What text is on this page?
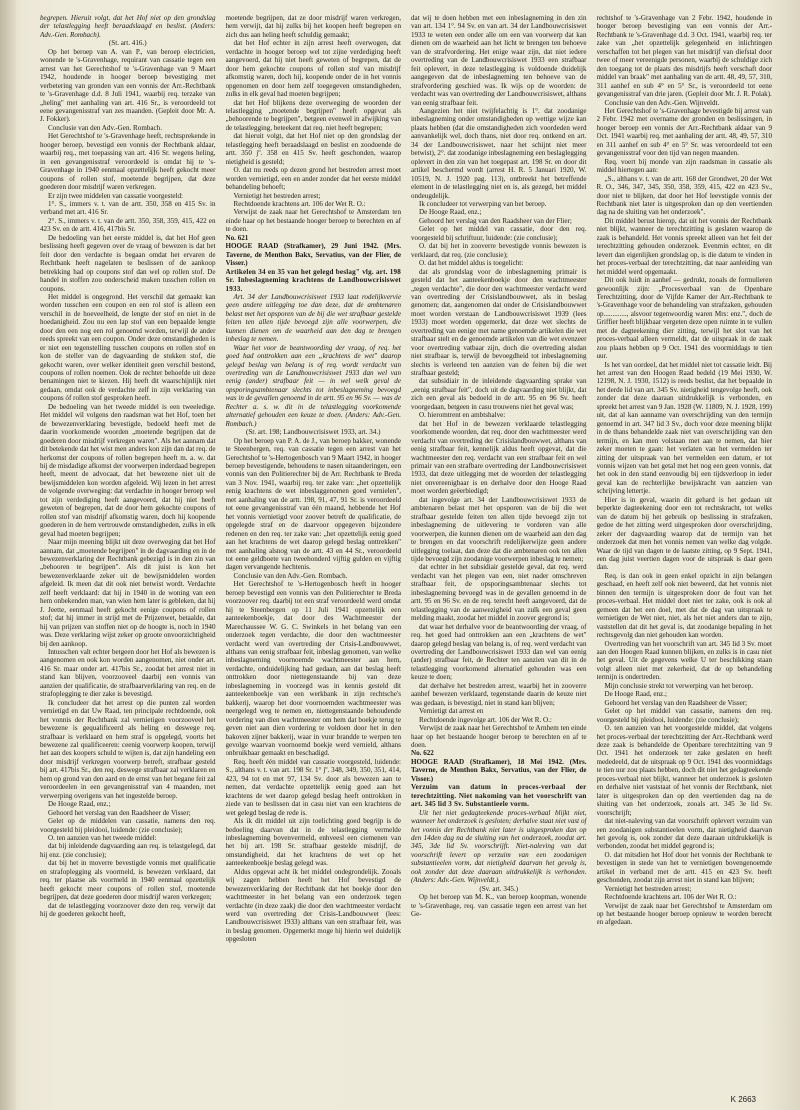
begrepen. Hieruit volgt, dat het Hof niet op den grondslag der telastlegging heeft beraadslaagd en beslist. (Anders: Adv.-Gen. Rombach).

(St. art. 416.)

Op het beroep van A. van P., van beroep electricien, wonende te 's-Gravenhage, requirant van cassatie tegen een arrest van het Gerechtshof te 's-Gravenhage van 9 Maart 1942, houdende in hooger beroep bevestiging met verbetering van gronden van een vonnis der Arr.-Rechtbank te 's-Gravenhage d.d. 8 Juli 1941, waarbij req. terzake van „heling" met aanhaling van art. 416 Sr., is veroordeeld tot eene gevangenisstraf van zes maanden. (Gepleit door Mr. A. J. Fokker).

Conclusie van den Adv.-Gen. Rombach.

Het Gerechtshof te 's-Gravenhage heeft, rechtsprekende in hooger beroep, bevestigd een vonnis der Rechtbank aldaar, waarbij req., met toepassing van art. 416 Sr. wegens heling, in een gevangenisstraf veroordeeld is omdat hij te 's-Gravenhage in 1940 eenmaal opzettelijk heeft gekocht meer coupons of rollen stof, moetende begrijpen, dat deze goederen door misdrijf waren verkregen.

Er zijn twee middelen van cassatie voorgesteld:

1°. S., immers v. t. van de artt. 350, 358 en 415 Sv. in verband met art. 416 Sr.

2°. S., immers v. t. van de artt. 350, 358, 359, 415, 422 en 423 Sv. en de artt. 416, 417bis Sr.

De bedoeling van het eerste middel is, dat het Hof geen beslissing heeft gegeven over de vraag of bewezen is dat het feit door den verdachte is begaan omdat het ervaren de Rechtbank heeft nagelaten te beslissen of de aankoop betrekking had op coupons stof dan wel op rollen stof. De handel in stoffen zou onderscheid maken tusschen rollen en coupons.

Het middel is ongegrond. Het verschil dat gemaakt kan worden tusschen een coupon en een rol stof is alleen een verschil in de hoeveelheid, de lengte der stof en niet in de hoedanigheid. Zou nu een lap stof van een bepaalde lengte door den een nog een rol genoemd worden, terwijl de ander reeds spreekt van een coupon. Onder deze omstandigheden is er niet een tegenstelling tusschen coupons en rollen stof en kon de steller van de dagvaarding de stukken stof, die gekocht waren, over welker identiteit geen verschil bestond, coupons of rollen noemen. Ook de rechter behoefde uit deze benamingen niet te kiezen. Hij heeft dit waarschijnlijk niet gedaan, omdat ook de verdachte zelf in zijn verklaring van coupons óf rollen stof gesproken heeft.

De bedoeling van het tweede middel is een tweeledige. Het middel wil volgens den raadsman wat het Hof, toen het de bewezenverklaring bevestigde, bedoeld heeft met de daarin voorkomende woorden „moetende begrijpen dat de goederen door misdrijf verkregen waren". Als het aannam dat dit betekende dat het wist men anders kon zijn dan dat req. de herkomst der coupons of rollen begrepen heeft m. a. w. dat hij de misdadige afkomst der voorwerpen inderdaad begrepen heeft, meent de advocaat, dat het bewezene niet uit de bewijsmiddelen kon worden afgeleid. Wij lezen in het arrest de volgende overweging: dat verdachte in hooger beroep wel tot zijn verdediging heeft aangevoerd, dat hij niet heeft geweten of begrepen, dat de door hem gekochte coupons of rollen stof van misdrijf afkomstig waren, doch hij koopende goederen in de hem vertrouwde omstandigheden, zulks in elk geval had moeten begrijpen;

Naar mijn meening blijkt uit deze overweging dat het Hof aannam, dat „moetende begrijpen" in de dagvaarding en in de bewezenverklaring der Rechtbank gebezigd is in den zin van „behooren te begrijpen". Als dit juist is kon het bewezenverklaarde zeker uit de bewijsmiddelen worden afgeleid. Ik meen dat dit ook niet betwist wordt. Verdachte zelf heeft verklaard: dat hij in 1940 in de woning van een hem onbekenden man, van wien hem later is gebleken, dat hij J. Jeette, eenmaal heeft gekocht eenige coupons of rollen stof; dat hij immer in strijd met de Prijzenwet, betaalde, dat hij van prijzen van stoffen niet op de hoogte is, noch in 1940 was. Deze verklaring wijst zeker op groote onvoorzichtigheid bij den aankoop.

Intusschen valt echter betgeen door het Hof als bewezen is aangenomen en ook kon worden aangenomen, niet onder art. 416 Sr. maar onder art. 417bis Sr., zoodat het arrest niet in stand kan blijven, voorzooveel daarbij een vonnis van aanzien der qualificatie, de strafbaarverklaring van req. en de strafoplegging te dier zake is bevestigd.

Ik concludeer dat het arrest op die punten zal worden vernietigd en dat Uw Raad, ten principale rechtdoende, ook het vonnis der Rechtbank zal vernietigen voorzooveel het bewezene is gequalificeerd als heling en deswege req. strafbaar is verklaard en hem straf is opgelegd, voorts het bewezene zal qualificeeren: ceenig voorwerp koopen, terwijl het aan des koopers schuld te wijten is, dat zijn handeling een door misdrijf verkregen voorwerp betreft, strafbaar gesteld bij art. 417bis Sr., den req. deswege strafbaar zal verklaren en hem op grond van den aard en de ernst van het begane feit zal veroordeelen in een gevangenisstraf van 4 maanden, met verwerping overigens van het ingestelde beroep.

De Hooge Raad, enz.;

Gehoord het verslag van den Raadsheer de Visser;

Gelet op de middelen van cassatie, namens den req. voorgesteld bij pleidooi, luidende: (zie conclusie);

O. ten aanzien van het tweede middel:

dat bij inleidende dagvaarding aan req. is telastgelegd, dat hij enz. (zie conclusie);

dat bij het in moverre bevestigde vonnis met qualificatie en strafoplegging als voormeld, is bewezen verklaard, dat req. ter plaatse als voormeld in 1940 eenmaal opzettelijk heeft gekocht meer coupons of rollen stof, moetende begrijpen, dat deze goederen door misdrijf waren verkregen;

dat de telastlegging voorzoover deze den req. verwijt dat hij de goederen gekocht heeft,

moetende begrijpen, dat ze door misdrijf waren verkregen, hem verwijt, dat hij zulks bij het koopen heeft begrepen en zich dus aan heling heeft schuldig gemaakt;

dat het Hof echter in zijn arrest heeft overwogen, dat verdachte in hooger beroep wel tot zijne verdediging heeft aangevoerd, dat hij niet heeft geweten of begrepen, dat de door hem gekochte coupons of rollen stof van misdrijf afkomstig waren, doch hij, koopende onder de in het vonnis opgenomen en door hem zelf toegegeven omstandigheden, zulks in elk geval had moeten begrijpen;

dat het Hof blijkens deze overweging de woorden der telastlegging „moetende begrijpen" heeft opgevat als „behoorende te begrijpen", betgeen evenwel in afwijking van de telastlegging, beteekent dat req. niet heeft begrepen;

dat hieruit volgt, dat het Hof niet op den grondslag der telastlegging heeft beraadslaagd en beslist en zoodoende de artt. 350 jº. 358 en 415 Sv. heeft geschonden, waarop nietigheid is gesteld;

O. dat nu reeds op dezen grond het bestreden arrest moet worden vernietigd, een en ander zonder dat het eerste middel behandeling behoeft;

Vernietigt het bestreden arrest;

Rechtdoende krachtens art. 106 der Wet R. O.:

Verwijst de zaak naar het Gerechtshof te Amsterdam ten einde haar op het bestaande hooger beroep te berechten en af te doen.

No. 621

HOOGE RAAD (Strafkamer), 29 Juni 1942. (Mrs. Taverne, de Menthon Bakx, Servatius, van der Flier, de Visser.)

Artikelen 34 en 35 van het gelegd beslag" vlg. art. 198 Sr. Inbeslagneming krachtens de Landbouwcrisiswet 1933.

Art. 34 der Landbouwcrisiswet 1933 laat rodelijkvervie geen andere uitlegging toe dan deze, dat de ambtenaren belast met het opsporen van de bij die wet strafbaar gestelde feiten ten allen tijde bevoegd zijn alle voorwerpen, die kunnen dienen om de waarheid aan den dag te brengen inbeslag te nemen.

Waar het voor de beantwoording der vraag, of req. het goed had onttrokken aan een „krachtens de wet" daarop gelegd beslag van belang is of req. wordt verdacht van overtreding van de Landbouwcrisiswet 1933 dan wel van eenig (ander) strafbaar feit — in wel welk geval de opsporingsambtenaar slechts tot inbeslagneming bevoegd was in de gevallen genoemd in de artt. 95 en 96 Sv. — was de Rechter a. s. w. dit in de telastlegging voorkomende alternatief gehouden een keuze te doen. (Anders: Adv.-Gen. Rombach.)

(Sr. art. 198; Landbouwcrisiswet 1933, art. 34.)

Op het beroep van P. A. de J., van beroep bakker, wonende te Steenbergen, req. van cassatie tegen een arrest van het Gerechtshof te 's-Hertogenbosch van 9 Maart 1942, in hooger beroep bevestigende, behoudens te nasen uitaanderingen, een vonnis van den Politierechter bij de Arr. Rechtbank te Breda van 3 Nov. 1941, waarbij req. ter zake van: „het opzettelijk eenig krachtens de wet inbeslaggenomen goed vernielen", met aanhaling van de artt. 198, 91, 47, 91 Sr. is veroordeeld tot eene gevangenisstraf van één maand, hebbende het Hof het vonnis vernietigd voor zoover betreft de qualificatie, de opgelegde straf en de daarvoor opgegeven bijzondere redenen en den req. ter zake van: „het opzettelijk eenig goed aan het krachtens de wet daarop gelegd beslag onttrekken" met aanhaling alsnog van de artt. 43 en 44 Sr., veroordeeld tot eene geldboete van tweehonderd vijftig gulden en vijftig dagen vervangende hechtenis.

Conclusie van den Adv.-Gen. Rombach.

Het Gerechtshof te 's-Hertogenbosch heeft in hooger beroep bevestigd een vonnis van den Politierechter te Breda voorzoover req. daarbij tot een straf veroordeeld werd omdat hij te Steenbergen op 11 Juli 1941 opzettelijk een aanteekenboekje, dat door des Wachtmeester der Marechaussee W. G. C. Swinkels in het belang van een onderzoek tegen verdachte, die door den wachtmeester verdacht werd van overtreding der Crisis-Landbouwwet, althans van eenig strafbaar feit, inbeslag genomen, van welke inbeslagneming voornoemde wachtmeester aan hem, verdachte, onduidelijking had gedaan, aan dat beslag heeft onttrokken door niettegenstaande bij van deze inbeslagneming in voorzegd was in kennis gesteld dit aanteekenboekje van een werkbank in zijn rechtsche's bakkerij, waarop het door voornoemden wachtmeester was neergelegd weg te nemen en, niettegenstaande behoudende vordering van dien wachtmeester om hem dat boekje terug te geven niet aan dien vordering te voldoen door het in den bakoven zijner bakkerij, waar in vuur brandde te werpen ten gevolge waarvan voornoemd boekje werd vernield, althans onbruikbaar gemaakt en beschadigd.

Req. heeft één middel van cassatie voorgesteld, luidende: S., althans v. t. van art. 198 Sr. 1° jº. 348, 349, 350, 351, 414, 423, 94 tot en met 97, 134 Sv. door als bewezen aan te nemen, dat verdachte opzettelijk eenig goed aan het krachtens de wet daarop gelegd beslag heeft onttrokken in ziede van te beslissen dat in casu niet van een krachtens de wet gelegd beslag de rede is.

Als ik dit middel uit zijn toelichting goed begrijp is de bedoeling daarvan dat in de telastlegging vermelde inbeslagneming bovenvermeld, enhveesl een ciemenen van het bij art. 198 Sr. strafbaar gestelde misdrijf, de omstandigheid, dat het krachtens de wet op het aanteekenboekje beslag gelegd was.

Aldus opgevat acht ik het middel ondegrondelijk. Zooals wij zagen hebben heeft het Hof bevestigd de bewezenverklaring der Rechtbank dat het boekje door den wachtmeester in het belang van een onderzoek tegen verdachte (in deze zaak) die door den wachtmeester verdacht werd van overtreding der Crisis-Landbouwwet (lees: Landbouwcrisiswet 1933) althans van een strafbaar feit, was in beslag genomen. Opgemerkt moge hij hierin wel duidelijk opgesloten

dat wij te doen hebben met een inbeslagneming in den zin van art. 134 1°. 94 Sv. en van art. 34 der Landbouwcrisiswet 1933 te weten een onder alle om een van voorwerp dat kan dienen om de waarheid aan het licht te brengen ten behoeve van de strafvordering. Het enige waar zijn, dat niet iedere overtreding van de Landbouwcrisiswet 1933 een strafbaar feit oplevert, in deze telastlegging is voldoende duidelijk aangegeven dat de inbeslagneming ten behoeve van de strafvordering geschied was. Ik wijs op de woorden: de verdacht was van overtreding der Landbouwcrisiswet, althans van eenig strafbaar feit.

Aangezien het niet twijfelachtig is 1°. dat zoodanige inbeslagneming onder omstandigheden op wettige wijze kan plaats hebben (dat die omstandigheden zich voordeden werd aanvankelijk wel, doch thans, niet door req. ontkend en art. 34 der Landbouwcrisiswet, naar het schijnt niet meer betwist), 2°. dat zoodanige inbeslagneming een beslaglegging oplevert in den zin van het toegepast art. 198 Sr. en door dit artikel beschermd wordt (arrest H. R. 5 Januari 1920, W. 10519, N. J. 1920 pag. 113), ontbreekt het betreffende element in de telastlegging niet en is, als gezegd, het middel ondeugdelijk.

Ik concludeer tot verwerping van het beroep.

De Hooge Raad, enz.;

Gehoord het verslag van den Raadsheer van der Flier;

Gelet op het middel van cassatie, door den req. voorgesteld bij schriftuur, luidende: (zie conclusie);

O. dat bij het in zooverre bevestigde vonnis bewezen is verklaard, dat req. (zie conclusie);

O. dat het middel aldus is toegelicht:

dat als grondslag voor de inbeslagneming primair is gesteld dat het aanteekenboekje door den wachtmeester „tegen verdachte", die door den wachtmeester verdacht werd van overtreding der Crisislandbouwwet, als in beslag genomen; dat, aangenomen dat onder de Crisislandbouwwet moet worden verstaan de Landbouwcrisiswet 1939 (lees 1933) moet worden opgemerkt, dat deze wet slechts de overtreding van eenige met name genoemde artikelen die wet strafbaar stelt en de genoemde artikelen van die wet evenzeer voor overtreding vatbaar zijn, doch die overtreding alsdan niet strafbaar is, terwijl de bevoegdheid tot inbeslagneming slechts is verleend ten aanzien van de feiten bij die wet strafbaar gesteld;

dat subsidiair in de inleidende dagvaarding sprake van „eenig strafbaar feit", doch uit de dagvaarding niet blijkt, dat zich een geval als bedoeld in de artt. 95 en 96 Sv. heeft voorgedaan, betgeen in casu trouwens niet het geval was;

O. hieromtrent en ambtshalve:

dat het Hof in de bewezen verklaarde telastlegging voorkomende woorden, dat req. door den wachtmeester werd verdacht van overtreding der Crisislandbouwwet, althans van eenig strafbaar feit, kennelijk aldus heeft opgevat, dat die wachtmeester den req. verdacht van een strafbaar feit en wel primair van een strafbare overtreding der Landbouwcrisiswet 1933, dat deze uitlegging met de woorden der telastlegging niet onvereenigbaar is en derhalve door den Hooge Raad moet worden geëerbiedigd;

dat ingevolge art. 34 der Landbouwcrisiswet 1933 de ambtenaren belast met het opsporen van de bij die wet strafbaar gestelde feiten ten allen tijde bevoegd zijn tot inbeslagneming de uitlevering te vorderen van alle voorwerpen, die kunnen dienen om de waarheid aan den dag te brengen en dat voorschrift redelijkerwijze geen andere uitlegging toelaat, dan deze dat die ambtenaren ook ten allen tijde bevoegd zijn zoodanige voorwerpen inbeslag te nemen;

dat echter in het subsidiair gestelde geval, dat req. werd verdacht van het plegen van een, niet nader omschreven strafbaar feit, de opsporingsambtenaar slechts tot inbeslagneming bevoegd was in de gevallen genoemd in de artt. 95 en 96 Sv. en de req. terecht heeft aangevoerd, dat de telastlegging van de aanwezigheid van zulk een geval geen melding maakt, zoodat het middel in zoover gegrond is;

dat waar het derhalve voor de beantwoording der vraag, of req. het goed had onttrokken aan een „krachtens de wet" daarop gelegd beslag van belang is, of req. werd verdacht van overtreding der Landbouwcrisiswet 1933 dan wel van eenig (ander) strafbaar feit, de Rechter ten aanzien van dit in de telastlegging voorkomend alternatief gehouden was een keuze te doen;

dat derhalve het bestreden arrest, waarbij het in zooverre aanhef bewezen verklaard, tegenstande daarin de keuze niet was gedaan, is bevestigd, niet in stand kan blijven;

Vernietigt dat arrest en

Rechtdoende ingevolge art. 106 der Wet R. O.:

Verwijst de zaak naar het Gerechtshof te Arnhem ten einde haar op het bestaande hooger beroep te berechten en af te doen.

No. 622

HOOGE RAAD (Strafkamer), 18 Mei 1942. (Mrs. Taverne, de Menthon Bakx, Servatius, van der Flier, de Visser.)

Verzuim van datum in proces-verbaal der terechtzitting. Niet nakoming van het voorschrift van art. 345 lid 3 Sv. Substantieele vorm.

Uit het niet gedagteekende proces-verbaal blijkt niet, wanneer het onderzoek is gesloten; derhalve staat niet vast of het vonnis der Rechtbank niet later is uitgesproken dan op den 14den dag na de sluiting van het onderzoek, zoodat art. 345, 3de lid Sv. voorschrijft. Niet-naleving van dat voorschrift levert op verzuim van een zoodanigen substantieelen vorm, dat nietigheid daarvan het gevolg is, ook zonder dat deze daaraan uitdrukkelijk is verbonden. (Anders: Adv.-Gen. Wijnveldt.).

(Sv. art. 345.)

Op het beroep van M. K., van beroep koopman, wonende te 's-Gravenhage, req. van cassatie tegen een arrest van het Ge-

rechtshof te 's-Gravenhage van 2 Febr. 1942, houdende in hooger beroep bevestiging van een vonnis der Arr.-Rechtbank te 's-Gravenhage d.d. 3 Oct. 1941, waarbij req. ter zake van „het opzettelijk gelegenheid en inlichtingen verschaffen tot het plegen van het misdrijf van diefstal door twee of meer vereenigde personen, waarbij de schuldige zich den toegang tot de plaats des misdrijfs heeft verschaft door middel van braak" met aanhaling van de artt. 48, 49, 57, 310, 311 aanhef en sub 4° en 5° Sr., is veroordeeld tot eene gevangenisstraf van drie jaren. (Gepleit door Mr. J. R. Polak).

Conclusie van den Adv.-Gen. Wijnveldt.

Het Gerechtshof te 's-Gravenhage bevestigde bij arrest van 2 Febr. 1942 met overname der gronden en beslissingen, in hooger beroep een vonnis der Arr.-Rechtbank aldaar van 9 Oct. 1941 waarbij req. met aanhaling der artt. 48, 49, 57, 310 en 311 aanhef en sub 4° en 5° Sr. was veroordeeld tot een gevangenisstraf voor den tijd van negen maanden.

Req. voert bij monde van zijn raadsman in cassatie als middel hiertegen aan:

„S., althans v. t. van de artt. 168 der Grondwet, 20 der Wet R. O., 346, 347, 345, 350, 358, 359, 415, 422 en 423 Sv., door niet te blijken, dat door het Hof leevstigde vonnis der Rechtbank niet later is uitgesproken dan op den veertienden dag na de sluiting van het onderzoek".

Dit middel berust hierop, dat uit het vonnis der Rechtbank niet blijkt, wanneer de terechtzitting is geslaten waarop de zaak is behandeld. Het vonnis spreekt alleen van het feit der terechtzitting gehouden onderzoek. Evenmin echter, en dit levert dan eigenlijken grondslag op, is die datum te vinden in het proces-verbaal der terechtzitting, dat naar aanleiding van het middel werd opgemaakt.

Dit ook luidt in aanhef — gedrukt, zooals de formulieren gewoonlijk zijn: „Procesverbaal van de Openbare Terechtzitting, door de Vijfde Kamer der Arr.-Rechtbank te 's-Gravenhage voor de behandeling van strafzaken, gehouden op............., alsvoor tegenwoordig waren Mrs: enz.", doch de Griffier heeft blijkbaar vergeten deze open ruimte in te vullen met de dagteekening dier zitting, terwijl het slot van het proces-verbaal alleen vermeldt, dat de uitspraak in de zaak zou plaats hebben op 9 Oct. 1941 des voormiddags te tien uur.

Is het van oordeel, dat het middel niet tot cassatie leidt. Bij het arrest van den Hoogen Raad bedeld (19 Mei 1930, W. 12198, N. J. 1930, 1512) is reeds beslist, dat het bepaalde in het derde lid van art. 345 Sv. nietigheid tengevolge heeft, ook zonder dat deze daaraan uitdrukkelijk is verbonden, en spreekt het arrest van 9 Jan. 1928 (W. 11809, N. J. 1928, 199) uit, dat al kan aanname van overschrijding van den termijn genoemd in art. 347 lid 3 Sv., doch voor deze meening blijkt in de thans behandelde zaak niet van overschrijding van den termijn, en kan men volstaan met aan te nemen, dat hier zeker moeten te gaan: het verlaten van het vermelden ter zitting der uitspraak van het vermelden een datum, er tot vonnis wijzen van het getal met het nog een geen vonnis, dat het ook in den stand eenvoudig bij een tijdsverloop in ieder geval kan de rechterlijke bewijskracht van aanzien van schrijving lettertje.

Hier is in geval, waarin dit gehard is het gedaan uit beperkte dagteekening door een tot rechtskracht, tot welks van de datum bij het gebruik op beslissing in strafzaken, gedoe de het zitting werd uitgesproken door overschrijding, zeker der dagvaarding waarop dat de termijn van het onderzoek dat men het vonnis nemen van welke dag volgde. Waar de tijd van dagen te de laatste zitting, op 9 Sept. 1941, een dag juist veertien dagen voor de uitspraak is daar geen dan.

Req. is dan ook in geen enkel opzicht in zijn belangen geschaad, en heeft zelf ook niet beweerd, dat het vonnis niet binnen den termijn is uitgesproken door de fout van het proces-verbaal. Het middel doet niet ter zake, ook is ook al gemeen dat het een doel, met dat de dag van uitspraak te vernietigen de Wet niet, niet, als het niet anders dan te zijn, vaststellen dat dit het geval is, dat zoodanige bepaling in het rechtsgevolg dan niet gehouden kan worden.

Overtreding van het voorschrift van art. 345 lid 3 Sv. moet aan den Hoogen Raad kunnen blijken, en zulks is in casu niet het geval. Uit de gegevens welke U ter beschikking staan volgt alleen niet met zekerheid, dat de op behandeling termijn is ondertreden.

Mijn conclusie strekt tot verwerping van het beroep.

De Hooge Raad, enz.;

Gehoord het verslag van den Raadsheer de Visser;

Gelet op het middel van cassatie, namens den req. voorgesteld bij pleidooi, luidende: (zie conclusie);

O. ten aanzien van het voorgestelde middel, dat volgens het proces-verbaal der terechtzitting der Arr.-Rechtbank werd deze zaak is behandelde de Openbare terechtzitting van 9 Oct. 1941 het onderzoek ter zake geslaten en heeft mededeeld, dat de uitspraak op 9 Oct. 1941 des voormiddags te tien uur zou plaats hebben, doch dit niet het gedagteekende proces-verbaal niet blijkt, wanneer het onderzoek is gesloten en derhalve niet vaststaat of het vonnis der Rechtbank, niet later is uitgesproken dan op den veertienden dag na de sluiting van het onderzoek, zooals art. 345 3e lid Sv. voorschrijft;

dat niet-naleving van dat voorschrift oplevert verzuim van een zoodanigen substantieelen vorm, dat nietigheid daarvan het gevolg is, ook zonder dat deze daaraan uitdrukkelijk is verbonden, zoodat het middel gegrond is;

O. dat mitsdien het Hof door het vonnis der Rechtbank te bevestigen in stede van het te vernietigen bovengenoemde artikel in verband met de artt. 415 en 423 Sv. heeft geschonden, zoodat zijn arrest niet in stand kan blijven;

Vernietigt het bestreden arrest;

Rechtdoende krachtens art. 106 der Wet R. O.:

Verwijst de zaak naar het Gerechtshof te Amsterdam om op het bestaande hooger beroep opnieuw te worden berecht en afgedaan.

K 2663
